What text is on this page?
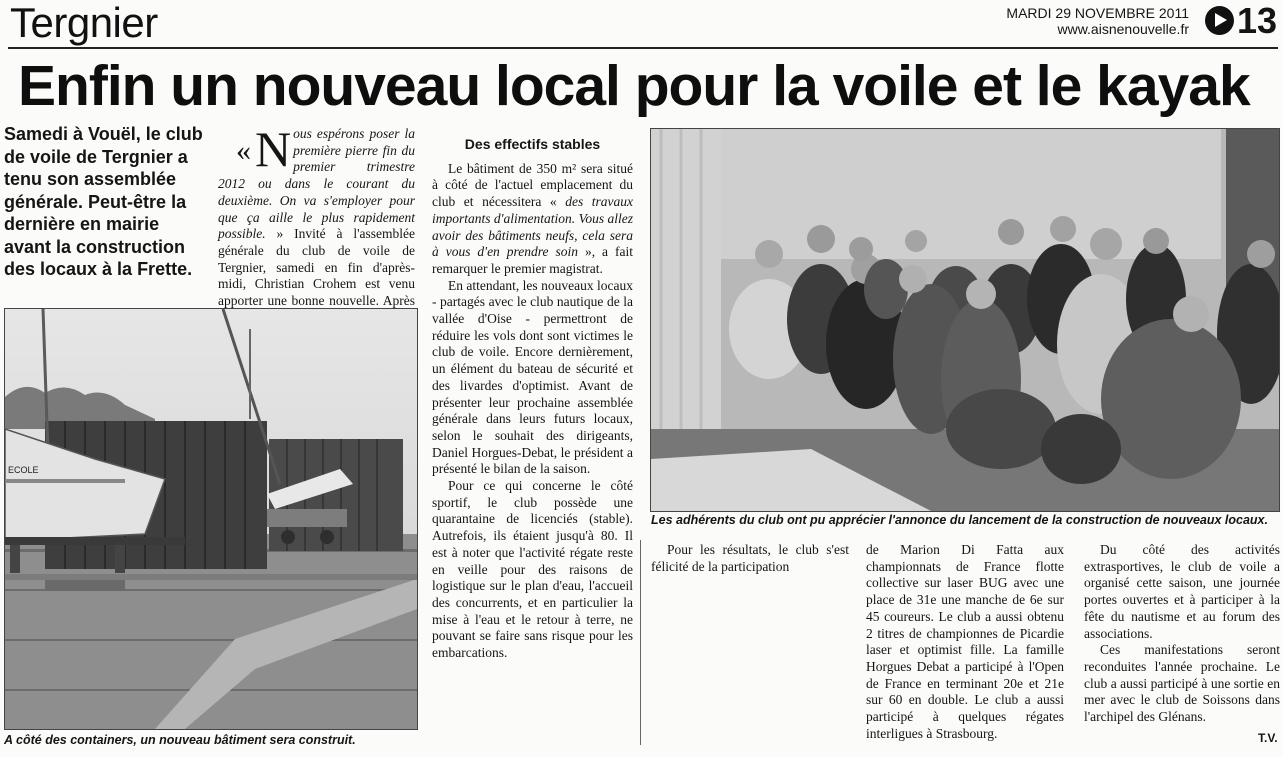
Tergnier	MARDI 29 NOVEMBRE 2011
www.aisnenouvelle.fr 13
Enfin un nouveau local pour la voile et le kayak
Samedi à Vouël, le club de voile de Tergnier a tenu son assemblée générale. Peut-être la dernière en mairie avant la construction des locaux à la Frette.

« N ous espérons poser la première pierre fin du premier trimestre 2012 ou dans le courant du deuxième. On va s'employer pour que ça aille le plus rapidement possible. » Invité à l'assemblée générale du club de voile de Tergnier, samedi en fin d'après-midi, Christian Crohem est venu apporter une bonne nouvelle. Après

ECOLE
A côté des containers, un nouveau bâtiment sera construit.
Des effectifs stables

Le bâtiment de 350 m² sera situé à côté de l'actuel emplacement du club et nécessitera « des travaux importants d'alimentation. Vous allez avoir des bâtiments neufs, cela sera à vous d'en prendre soin », a fait remarquer le premier magistrat.

En attendant, les nouveaux locaux - partagés avec le club nautique de la vallée d'Oise - permettront de réduire les vols dont sont victimes le club de voile. Encore dernièrement, un élément du bateau de sécurité et des livardes d'optimist. Avant de présenter leur prochaine assemblée générale dans leurs futurs locaux, selon le souhait des dirigeants, Daniel Horgues-Debat, le président a présenté le bilan de la saison.

Pour ce qui concerne le côté sportif, le club possède une quarantaine de licenciés (stable). Autrefois, ils étaient jusqu'à 80. Il est à noter que l'activité régate reste en veille pour des raisons de logistique sur le plan d'eau, l'accueil des concurrents, et en particulier la mise à l'eau et le retour à terre, ne pouvant se faire sans risque pour les embarcations.

Les adhérents du club ont pu apprécier l'annonce du lancement de la construction de nouveaux locaux.

Pour les résultats, le club s'est félicité de la participation

de Marion Di Fatta aux championnats de France flotte collective sur laser BUG avec une place de 31e une manche de 6e sur 45 coureurs. Le club a aussi obtenu 2 titres de championnes de Picardie laser et optimist fille. La famille Horgues Debat a participé à l'Open de France en terminant 20e et 21e sur 60 en double. Le club a aussi participé à quelques régates interligues à Strasbourg.

Du côté des activités extrasportives, le club de voile a organisé cette saison, une journée portes ouvertes et à participer à la fête du nautisme et au forum des associations.

Ces manifestations seront reconduites l'année prochaine. Le club a aussi participé à une sortie en mer avec le club de Soissons dans l'archipel des Glénans.

T.V.
